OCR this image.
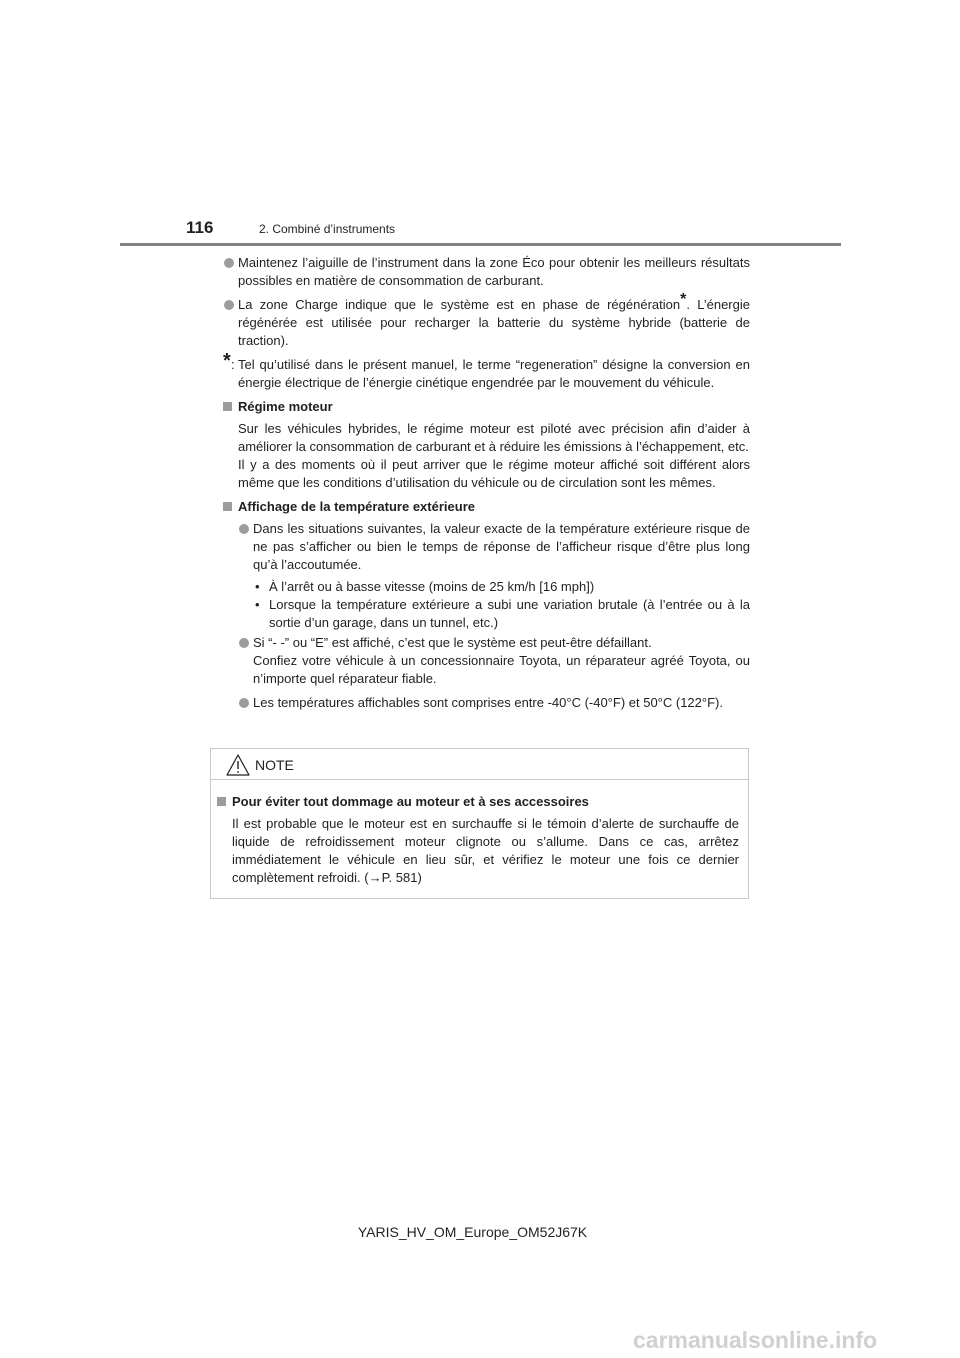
116	2. Combiné d’instruments

Maintenez l’aiguille de l’instrument dans la zone Éco pour obtenir les meilleurs résultats possibles en matière de consommation de carburant.

La zone Charge indique que le système est en phase de régénération*. L’énergie régénérée est utilisée pour recharger la batterie du système hybride (batterie de traction).

* : Tel qu’utilisé dans le présent manuel, le terme “regeneration” désigne la conversion en énergie électrique de l’énergie cinétique engendrée par le mouvement du véhicule.

Régime moteur

Sur les véhicules hybrides, le régime moteur est piloté avec précision afin d’aider à améliorer la consommation de carburant et à réduire les émissions à l’échappement, etc.

Il y a des moments où il peut arriver que le régime moteur affiché soit différent alors même que les conditions d’utilisation du véhicule ou de circulation sont les mêmes.

Affichage de la température extérieure

Dans les situations suivantes, la valeur exacte de la température extérieure risque de ne pas s’afficher ou bien le temps de réponse de l’afficheur risque d’être plus long qu’à l’accoutumée.

• À l’arrêt ou à basse vitesse (moins de 25 km/h [16 mph])

• Lorsque la température extérieure a subi une variation brutale (à l’entrée ou à la sortie d’un garage, dans un tunnel, etc.)

Si “- -” ou “E” est affiché, c’est que le système est peut-être défaillant.

Confiez votre véhicule à un concessionnaire Toyota, un réparateur agréé Toyota, ou n’importe quel réparateur fiable.

Les températures affichables sont comprises entre -40°C (-40°F) et 50°C (122°F).

NOTE

Pour éviter tout dommage au moteur et à ses accessoires

Il est probable que le moteur est en surchauffe si le témoin d’alerte de surchauffe de liquide de refroidissement moteur clignote ou s’allume. Dans ce cas, arrêtez immédiatement le véhicule en lieu sûr, et vérifiez le moteur une fois ce dernier complètement refroidi. (→P. 581)

YARIS_HV_OM_Europe_OM52J67K
carmanualsonline.info
